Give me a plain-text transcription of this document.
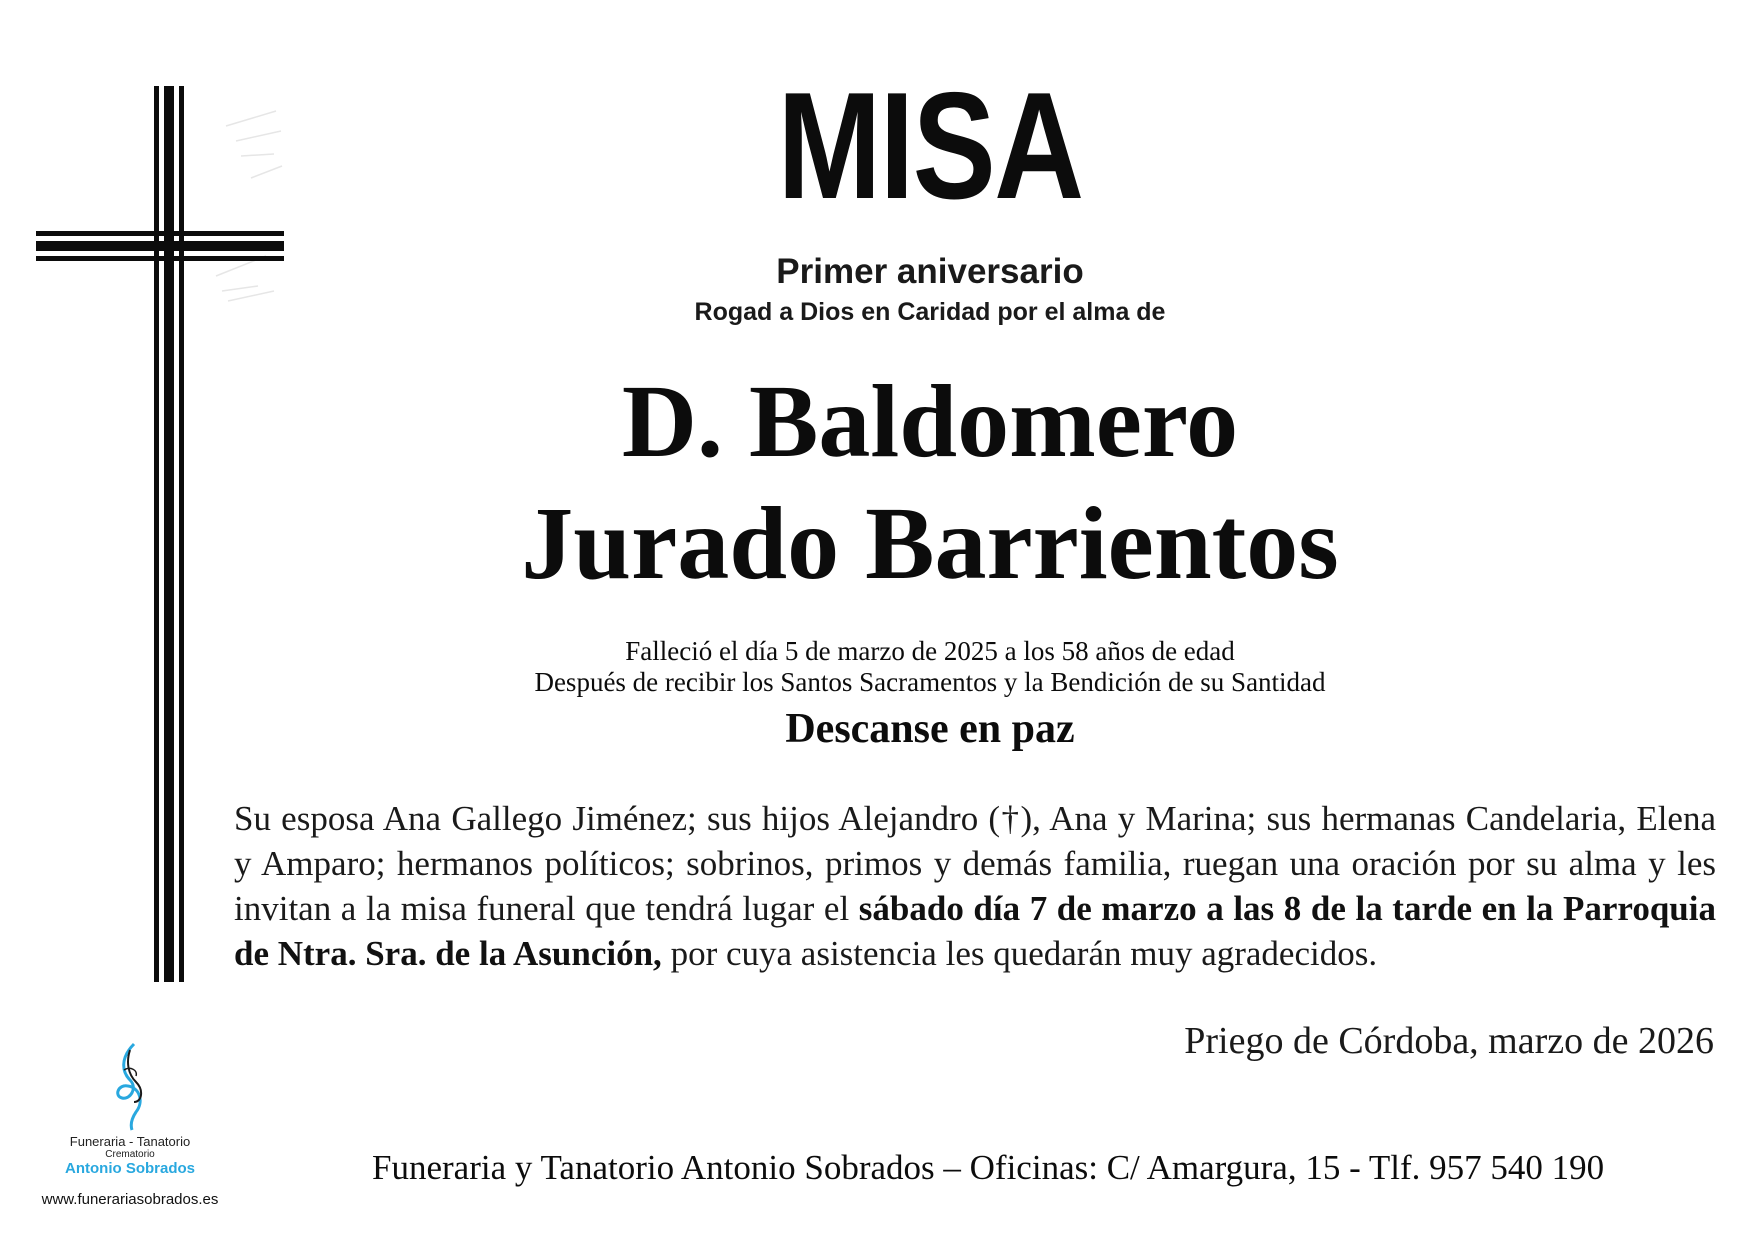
Funeraria - Tanatorio
Crematorio
Antonio Sobrados
www.funerariasobrados.es
MISA
Primer aniversario
Rogad a Dios en Caridad por el alma de
D. Baldomero
Jurado Barrientos
Falleció el día 5 de marzo de 2025 a los 58 años de edad
Después de recibir los Santos Sacramentos y la Bendición de su Santidad
Descanse en paz
Su esposa Ana Gallego Jiménez; sus hijos Alejandro (†), Ana y Marina; sus hermanas Candelaria, Elena y Amparo; hermanos políticos; sobrinos, primos y demás familia, ruegan una oración por su alma y les invitan a la misa funeral que tendrá lugar el sábado día 7 de marzo a las 8 de la tarde en la Parroquia de Ntra. Sra. de la Asunción, por cuya asistencia les quedarán muy agradecidos.
Priego de Córdoba, marzo de 2026
Funeraria y Tanatorio Antonio Sobrados – Oficinas: C/ Amargura, 15 - Tlf. 957 540 190
